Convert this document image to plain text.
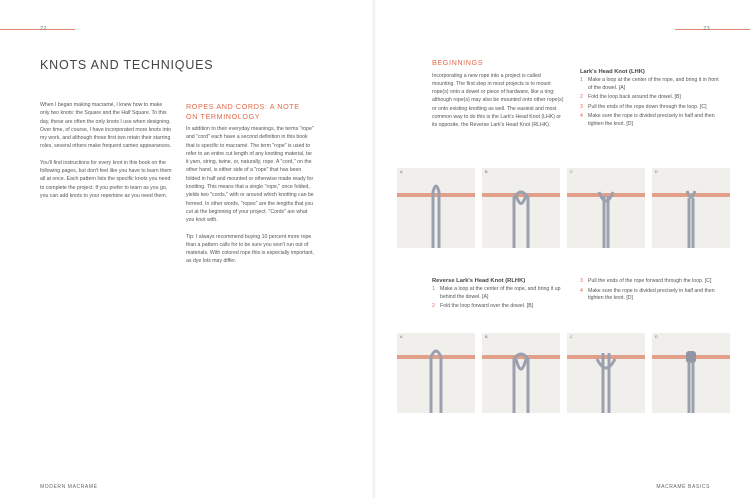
22
KNOTS AND TECHNIQUES

When I began making macramé, I knew how to make only two knots: the Square and the Half Square. To this day, these are often the only knots I use when designing. Over time, of course, I have incorporated more knots into my work, and although those first two retain their starring roles, several others make frequent cameo appearances.

You'll find instructions for every knot in this book on the following pages, but don't feel like you have to learn them all at once. Each pattern lists the specific knots you need to complete the project. If you prefer to learn as you go, you can add knots to your repertoire as you need them.

ROPES AND CORDS: A NOTE ON TERMINOLOGY

In addition to their everyday meanings, the terms "rope" and "cord" each have a second definition in this book that is specific to macramé. The term "rope" is used to refer to an entire cut length of any knotting material, be it yarn, string, twine, or, naturally, rope. A "cord," on the other hand, is either side of a "rope" that has been folded in half and mounted or otherwise made ready for knotting. This means that a single "rope," once folded, yields two "cords," with or around which knotting can be formed. In other words, "ropes" are the lengths that you cut at the beginning of your project. "Cords" are what you knot with.

Tip: I always recommend buying 10 percent more rope than a pattern calls for to be sure you won't run out of materials. With colored rope this is especially important, as dye lots may differ.

MODERN MACRAMÉ
23
MACRAMÉ BASICS
BEGINNINGS

Incorporating a new rope into a project is called mounting. The first step in most projects is to mount rope(s) onto a dowel or piece of hardware, like a ring; although rope(s) may also be mounted onto other rope(s) or onto existing knotting as well. The easiest and most common way to do this is the Lark's Head Knot (LHK) or its opposite, the Reverse Lark's Head Knot (RLHK).

Lark's Head Knot (LHK)
1 Make a loop at the center of the rope, and bring it in front of the dowel. [A]
2 Fold the loop back around the dowel. [B]
3 Pull the ends of the rope down through the loop. [C]
4 Make sure the rope is divided precisely in half and then tighten the knot. [D]
A	B	C	D
Reverse Lark's Head Knot (RLHK)
1 Make a loop at the center of the rope, and bring it up behind the dowel. [A]
2 Fold the loop forward over the dowel. [B]
3 Pull the ends of the rope forward through the loop. [C]
4 Make sure the rope is divided precisely in half and then tighten the knot. [D]
A	B	C	D
